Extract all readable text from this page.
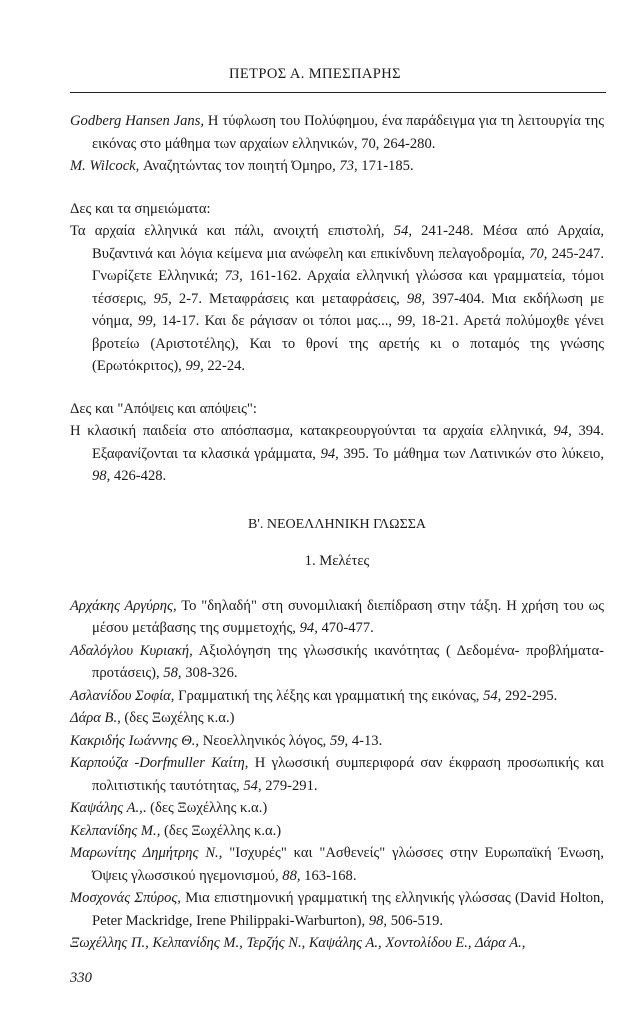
ΠΕΤΡΟΣ Α. ΜΠΕΣΠΑΡΗΣ
Godberg Hansen Jans, Η τύφλωση του Πολύφημου, ένα παράδειγμα για τη λειτουργία της εικόνας στο μάθημα των αρχαίων ελληνικών, 70, 264-280.
M. Wilcock, Αναζητώντας τον ποιητή Όμηρο, 73, 171-185.
Δες και τα σημειώματα:
Τα αρχαία ελληνικά και πάλι, ανοιχτή επιστολή, 54, 241-248. Μέσα από Αρχαία, Βυζαντινά και λόγια κείμενα μια ανώφελη και επικίνδυνη πελαγοδρομία, 70, 245-247. Γνωρίζετε Ελληνικά; 73, 161-162. Αρχαία ελληνική γλώσσα και γραμματεία, τόμοι τέσσερις, 95, 2-7. Μεταφράσεις και μεταφράσεις, 98, 397-404. Μια εκδήλωση με νόημα, 99, 14-17. Και δε ράγισαν οι τόποι μας..., 99, 18-21. Αρετά πολύμοχθε γένει βροτείω (Αριστοτέλης), Και το θρονί της αρετής κι ο ποταμός της γνώσης (Ερωτόκριτος), 99, 22-24.
Δες και "Απόψεις και απόψεις":
Η κλασική παιδεία στο απόσπασμα, κατακρεουργούνται τα αρχαία ελληνικά, 94, 394. Εξαφανίζονται τα κλασικά γράμματα, 94, 395. Το μάθημα των Λατινικών στο λύκειο, 98, 426-428.
Β'. ΝΕΟΕΛΛΗΝΙΚΗ ΓΛΩΣΣΑ
1. Μελέτες
Αρχάκης Αργύρης, Το "δηλαδή" στη συνομιλιακή διεπίδραση στην τάξη. Η χρήση του ως μέσου μετάβασης της συμμετοχής, 94, 470-477.
Αδαλόγλου Κυριακή, Αξιολόγηση της γλωσσικής ικανότητας ( Δεδομένα- προβλήματα-προτάσεις), 58, 308-326.
Ασλανίδου Σοφία, Γραμματική της λέξης και γραμματική της εικόνας, 54, 292-295.
Δάρα Β., (δες Ξωχέλης κ.α.)
Κακριδής Ιωάννης Θ., Νεοελληνικός λόγος, 59, 4-13.
Καρπούζα -Dorfmuller Καίτη, Η γλωσσική συμπεριφορά σαν έκφραση προσωπικής και πολιτιστικής ταυτότητας, 54, 279-291.
Καψάλης Α.,. (δες Ξωχέλλης κ.α.)
Κελπανίδης Μ., (δες Ξωχέλλης κ.α.)
Μαρωνίτης Δημήτρης Ν., "Ισχυρές" και "Ασθενείς" γλώσσες στην Ευρωπαϊκή Ένωση, Όψεις γλωσσικού ηγεμονισμού, 88, 163-168.
Μοσχονάς Σπύρος, Μια επιστημονική γραμματική της ελληνικής γλώσσας (David Holton, Peter Mackridge, Irene Philippaki-Warburton), 98, 506-519.
Ξωχέλλης Π., Κελπανίδης Μ., Τερζής Ν., Καψάλης Α., Χοντολίδου Ε., Δάρα Α.,
330
